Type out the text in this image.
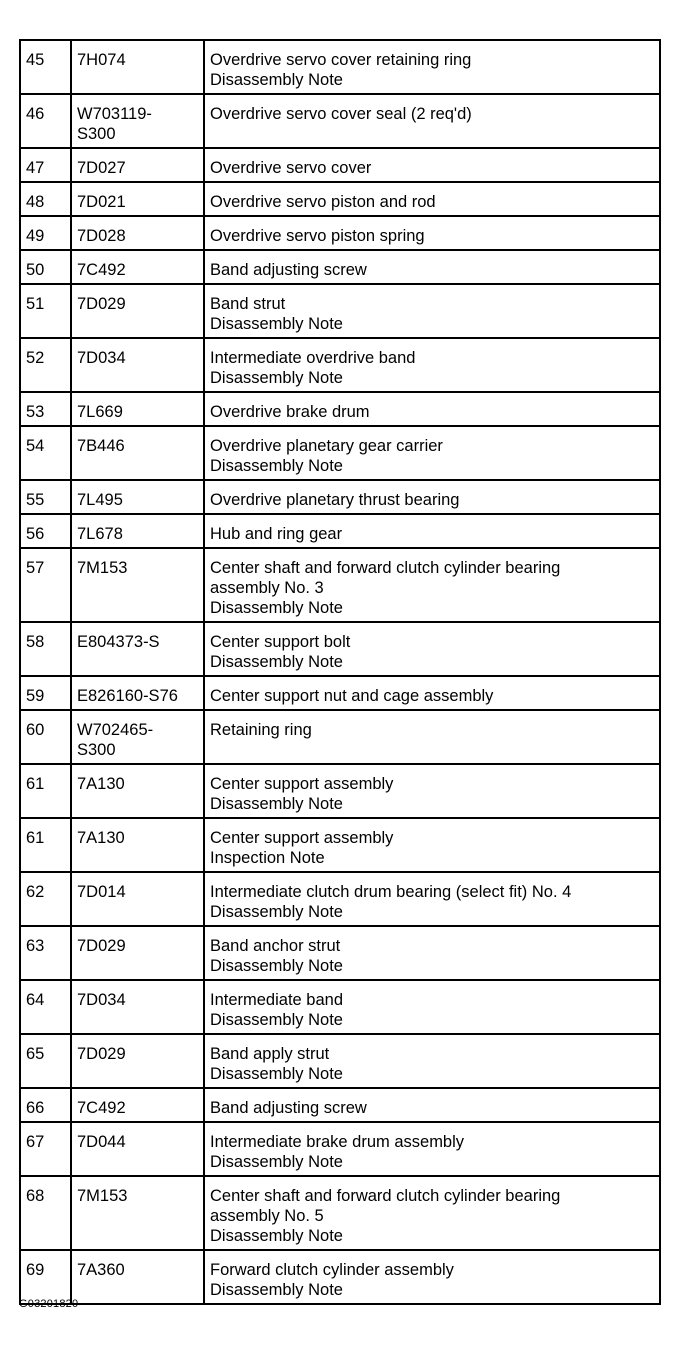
45	7H074	Overdrive servo cover retaining ring
Disassembly Note

46	W703119-
S300	Overdrive servo cover seal (2 req'd)

47	7D027	Overdrive servo cover

48	7D021	Overdrive servo piston and rod

49	7D028	Overdrive servo piston spring

50	7C492	Band adjusting screw

51	7D029	Band strut
Disassembly Note

52	7D034	Intermediate overdrive band
Disassembly Note

53	7L669	Overdrive brake drum

54	7B446	Overdrive planetary gear carrier
Disassembly Note

55	7L495	Overdrive planetary thrust bearing

56	7L678	Hub and ring gear

57	7M153	Center shaft and forward clutch cylinder bearing
assembly No. 3
Disassembly Note

58	E804373-S	Center support bolt
Disassembly Note

59	E826160-S76	Center support nut and cage assembly

60	W702465-
S300	Retaining ring

61	7A130	Center support assembly
Disassembly Note

61	7A130	Center support assembly
Inspection Note

62	7D014	Intermediate clutch drum bearing (select fit) No. 4
Disassembly Note

63	7D029	Band anchor strut
Disassembly Note

64	7D034	Intermediate band
Disassembly Note

65	7D029	Band apply strut
Disassembly Note

66	7C492	Band adjusting screw

67	7D044	Intermediate brake drum assembly
Disassembly Note

68	7M153	Center shaft and forward clutch cylinder bearing
assembly No. 5
Disassembly Note

69	7A360	Forward clutch cylinder assembly
Disassembly Note
G03201820
